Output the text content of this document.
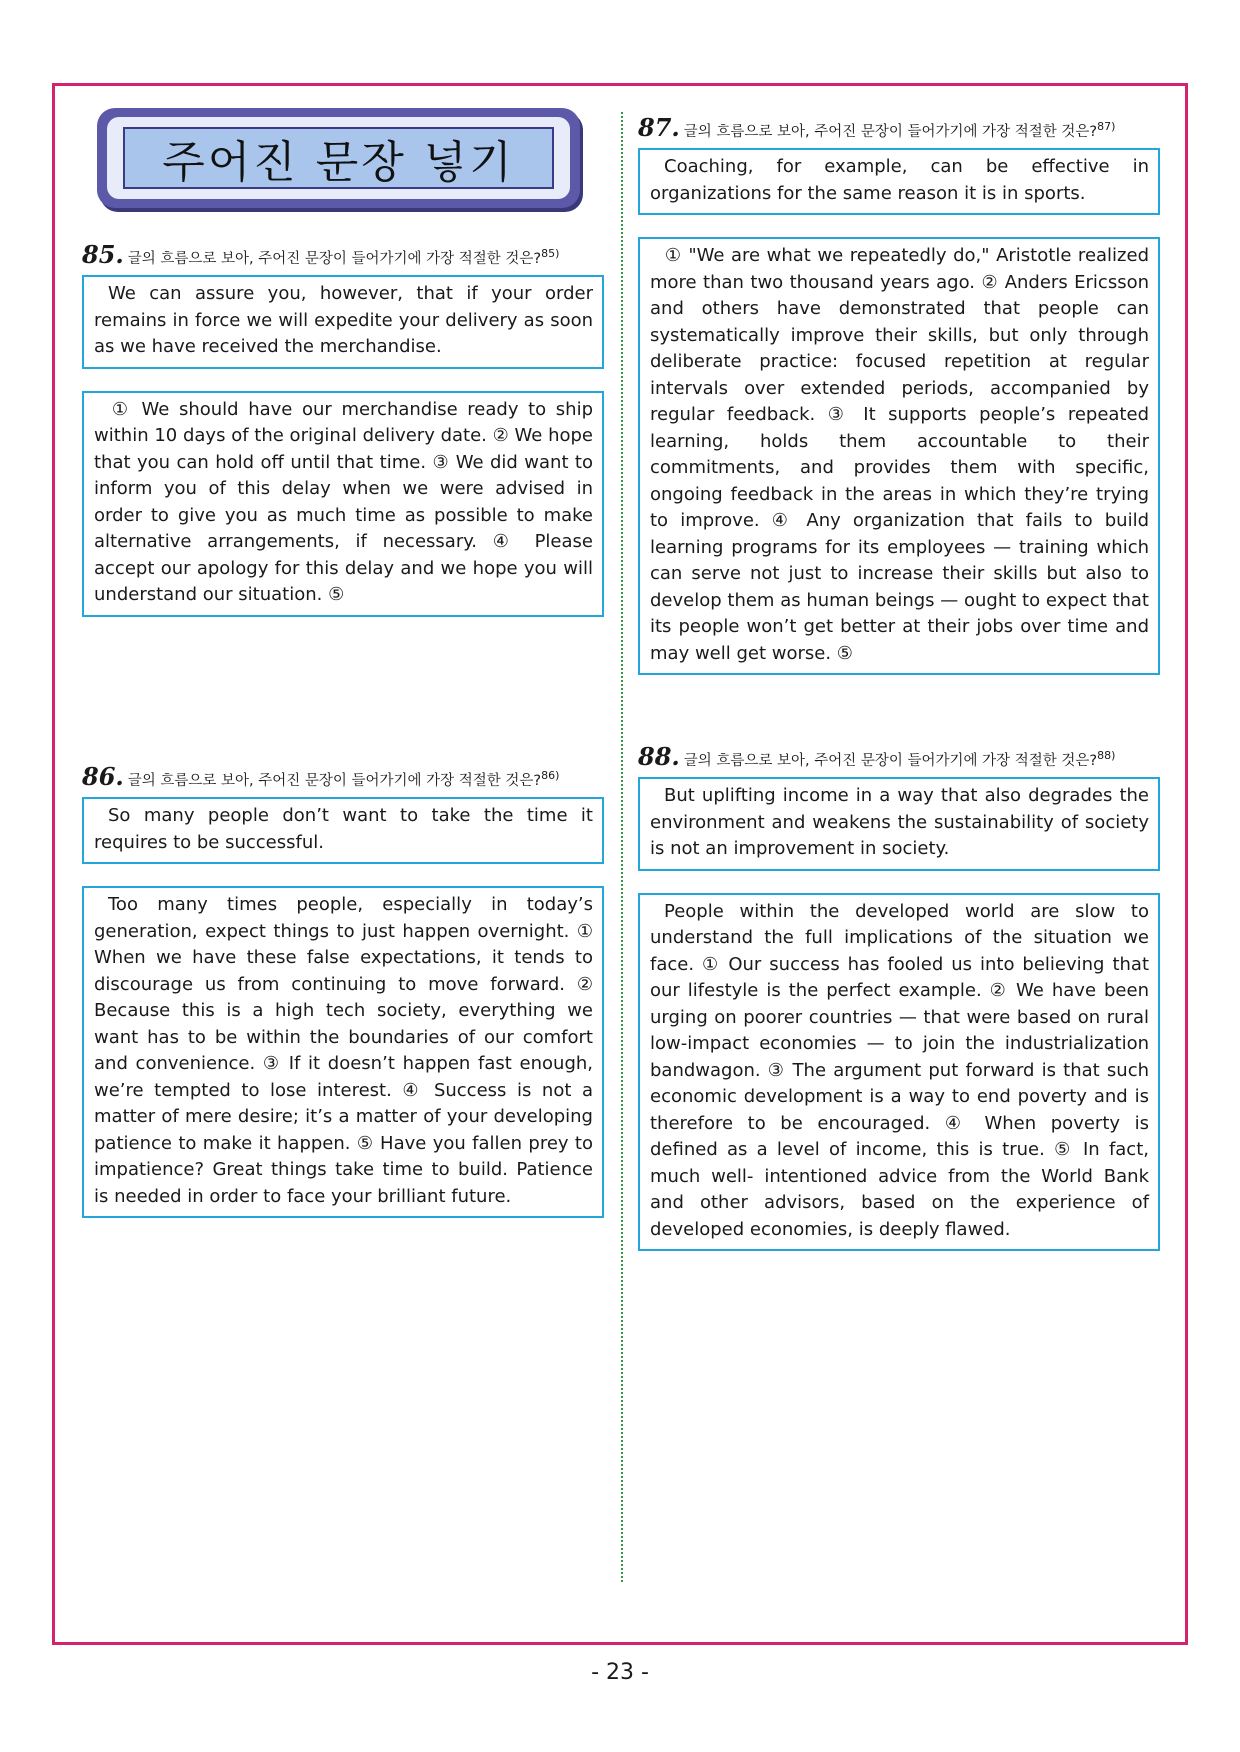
주어진 문장 넣기
85. 글의 흐름으로 보아, 주어진 문장이 들어가기에 가장 적절한 것은? 85)
We can assure you, however, that if your order remains in force we will expedite your delivery as soon as we have received the merchandise.
① We should have our merchandise ready to ship within 10 days of the original delivery date. ② We hope that you can hold off until that time. ③ We did want to inform you of this delay when we were advised in order to give you as much time as possible to make alternative arrangements, if necessary. ④ Please accept our apology for this delay and we hope you will understand our situation. ⑤
86. 글의 흐름으로 보아, 주어진 문장이 들어가기에 가장 적절한 것은? 86)
So many people don’t want to take the time it requires to be successful.
Too many times people, especially in today’s generation, expect things to just happen overnight. ① When we have these false expectations, it tends to discourage us from continuing to move forward. ② Because this is a high tech society, everything we want has to be within the boundaries of our comfort and convenience. ③ If it doesn’t happen fast enough, we’re tempted to lose interest. ④ Success is not a matter of mere desire; it’s a matter of your developing patience to make it happen. ⑤ Have you fallen prey to impatience? Great things take time to build. Patience is needed in order to face your brilliant future.
87. 글의 흐름으로 보아, 주어진 문장이 들어가기에 가장 적절한 것은? 87)
Coaching, for example, can be effective in organizations for the same reason it is in sports.
① "We are what we repeatedly do," Aristotle realized more than two thousand years ago. ② Anders Ericsson and others have demonstrated that people can systematically improve their skills, but only through deliberate practice: focused repetition at regular intervals over extended periods, accompanied by regular feedback. ③ It supports people’s repeated learning, holds them accountable to their commitments, and provides them with specific, ongoing feedback in the areas in which they’re trying to improve. ④ Any organization that fails to build learning programs for its employees — training which can serve not just to increase their skills but also to develop them as human beings — ought to expect that its people won’t get better at their jobs over time and may well get worse. ⑤
88. 글의 흐름으로 보아, 주어진 문장이 들어가기에 가장 적절한 것은? 88)
But uplifting income in a way that also degrades the environment and weakens the sustainability of society is not an improvement in society.
People within the developed world are slow to understand the full implications of the situation we face. ① Our success has fooled us into believing that our lifestyle is the perfect example. ② We have been urging on poorer countries — that were based on rural low-impact economies — to join the industrialization bandwagon. ③ The argument put forward is that such economic development is a way to end poverty and is therefore to be encouraged. ④ When poverty is defined as a level of income, this is true. ⑤ In fact, much well- intentioned advice from the World Bank and other advisors, based on the experience of developed economies, is deeply flawed.
- 23 -
